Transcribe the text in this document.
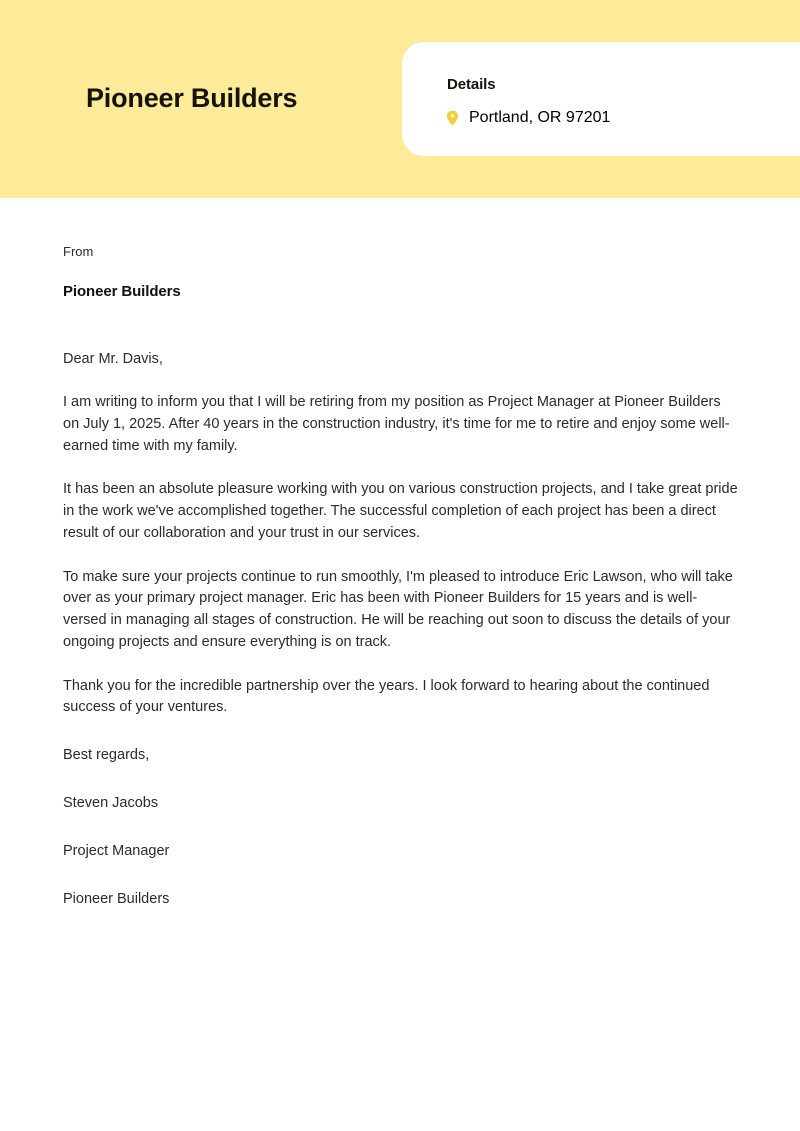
Pioneer Builders	Details
Portland, OR 97201
From
Pioneer Builders
Dear Mr. Davis,

I am writing to inform you that I will be retiring from my position as Project Manager at Pioneer Builders on July 1, 2025. After 40 years in the construction industry, it's time for me to retire and enjoy some well-earned time with my family.

It has been an absolute pleasure working with you on various construction projects, and I take great pride in the work we've accomplished together. The successful completion of each project has been a direct result of our collaboration and your trust in our services.

To make sure your projects continue to run smoothly, I'm pleased to introduce Eric Lawson, who will take over as your primary project manager. Eric has been with Pioneer Builders for 15 years and is well-versed in managing all stages of construction. He will be reaching out soon to discuss the details of your ongoing projects and ensure everything is on track.

Thank you for the incredible partnership over the years. I look forward to hearing about the continued success of your ventures.

Best regards,
Steven Jacobs
Project Manager
Pioneer Builders
